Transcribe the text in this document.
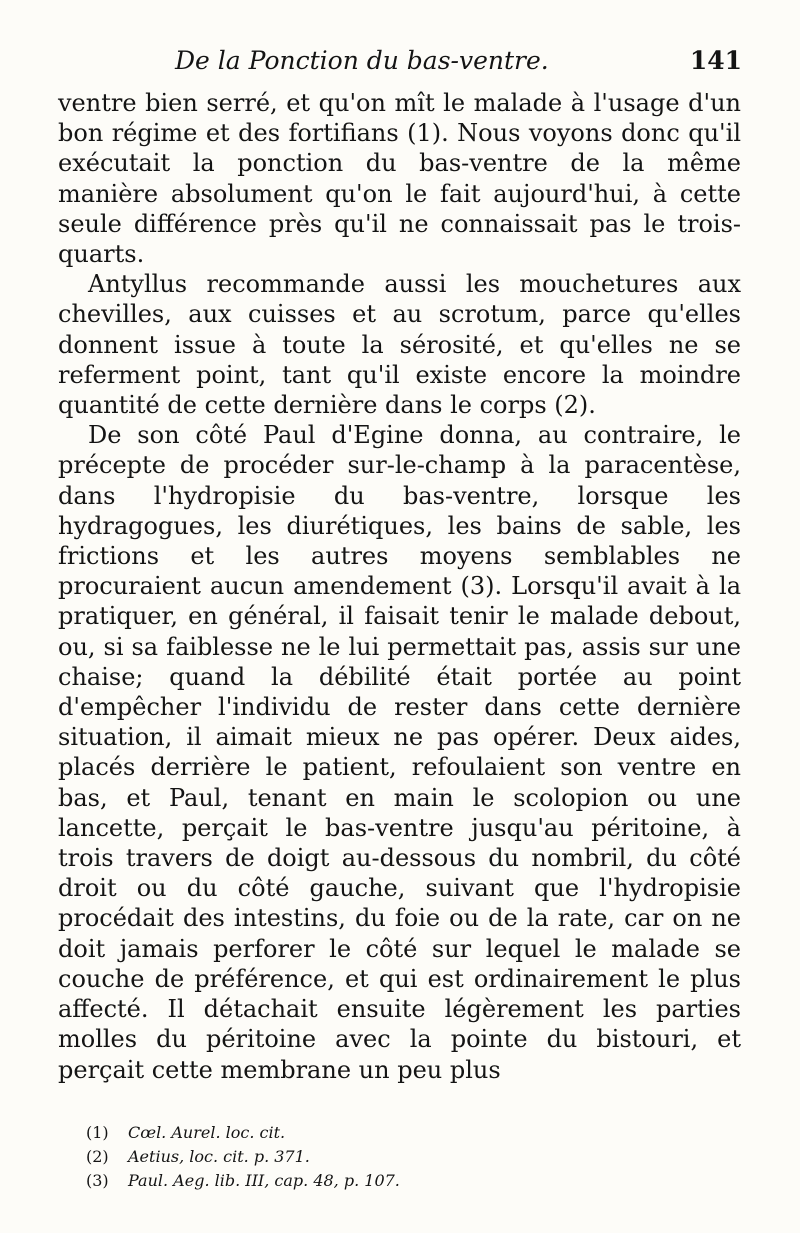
De la Ponction du bas-ventre.	141

ventre bien serré, et qu'on mît le malade à l'usage d'un bon régime et des fortifians (1). Nous voyons donc qu'il exécutait la ponction du bas-ventre de la même manière absolument qu'on le fait aujourd'hui, à cette seule différence près qu'il ne connaissait pas le trois-quarts.

Antyllus recommande aussi les mouchetures aux chevilles, aux cuisses et au scrotum, parce qu'elles donnent issue à toute la sérosité, et qu'elles ne se referment point, tant qu'il existe encore la moindre quantité de cette dernière dans le corps (2).

De son côté Paul d'Egine donna, au contraire, le précepte de procéder sur-le-champ à la paracentèse, dans l'hydropisie du bas-ventre, lorsque les hydragogues, les diurétiques, les bains de sable, les frictions et les autres moyens semblables ne procuraient aucun amendement (3). Lorsqu'il avait à la pratiquer, en général, il faisait tenir le malade debout, ou, si sa faiblesse ne le lui permettait pas, assis sur une chaise; quand la débilité était portée au point d'empêcher l'individu de rester dans cette dernière situation, il aimait mieux ne pas opérer. Deux aides, placés derrière le patient, refoulaient son ventre en bas, et Paul, tenant en main le scolopion ou une lancette, perçait le bas-ventre jusqu'au péritoine, à trois travers de doigt au-dessous du nombril, du côté droit ou du côté gauche, suivant que l'hydropisie procédait des intestins, du foie ou de la rate, car on ne doit jamais perforer le côté sur lequel le malade se couche de préférence, et qui est ordinairement le plus affecté. Il détachait ensuite légèrement les parties molles du péritoine avec la pointe du bistouri, et perçait cette membrane un peu plus

(1)	Cœl. Aurel. loc. cit.
(2)	Aetius, loc. cit. p. 371.
(3)	Paul. Aeg. lib. III, cap. 48, p. 107.
